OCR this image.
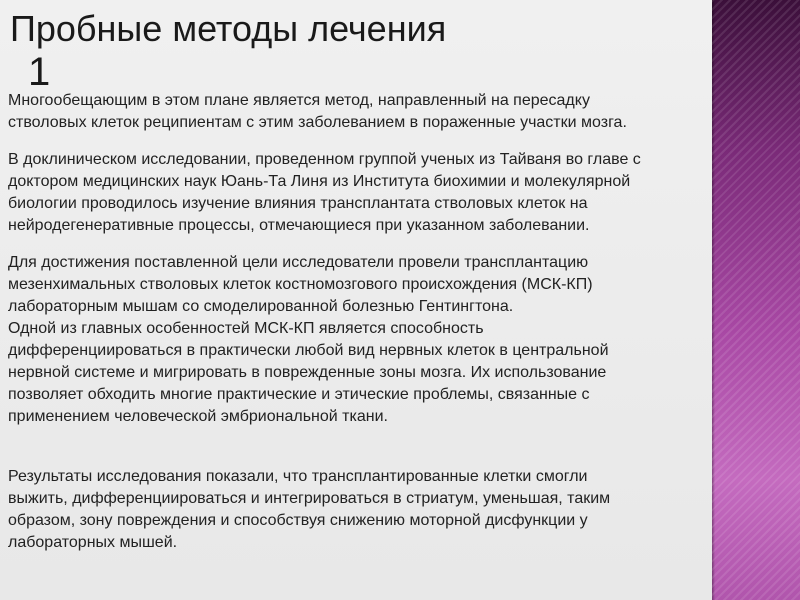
Пробные методы лечения
1

Многообещающим в этом плане является метод, направленный на пересадку

стволовых клеток реципиентам с этим заболеванием в пораженные участки мозга.

В доклиническом исследовании, проведенном группой ученых из Тайваня во главе с

доктором медицинских наук Юань-Та Линя из Института биохимии и молекулярной

биологии проводилось изучение влияния трансплантата стволовых клеток на

нейродегенеративные процессы, отмечающиеся при указанном заболевании.

Для достижения поставленной цели исследователи провели трансплантацию

мезенхимальных стволовых клеток костномозгового происхождения (МСК-КП)

лабораторным мышам со смоделированной болезнью Гентингтона.

Одной из главных особенностей МСК-КП является способность

дифференциироваться в практически любой вид нервных клеток в центральной

нервной системе и мигрировать в поврежденные зоны мозга. Их использование

позволяет обходить многие практические и этические проблемы, связанные с

применением человеческой эмбриональной ткани.

Результаты исследования показали, что трансплантированные клетки смогли

выжить, дифференциироваться и интегрироваться в стриатум, уменьшая, таким

образом, зону повреждения и способствуя снижению моторной дисфункции у

лабораторных мышей.
